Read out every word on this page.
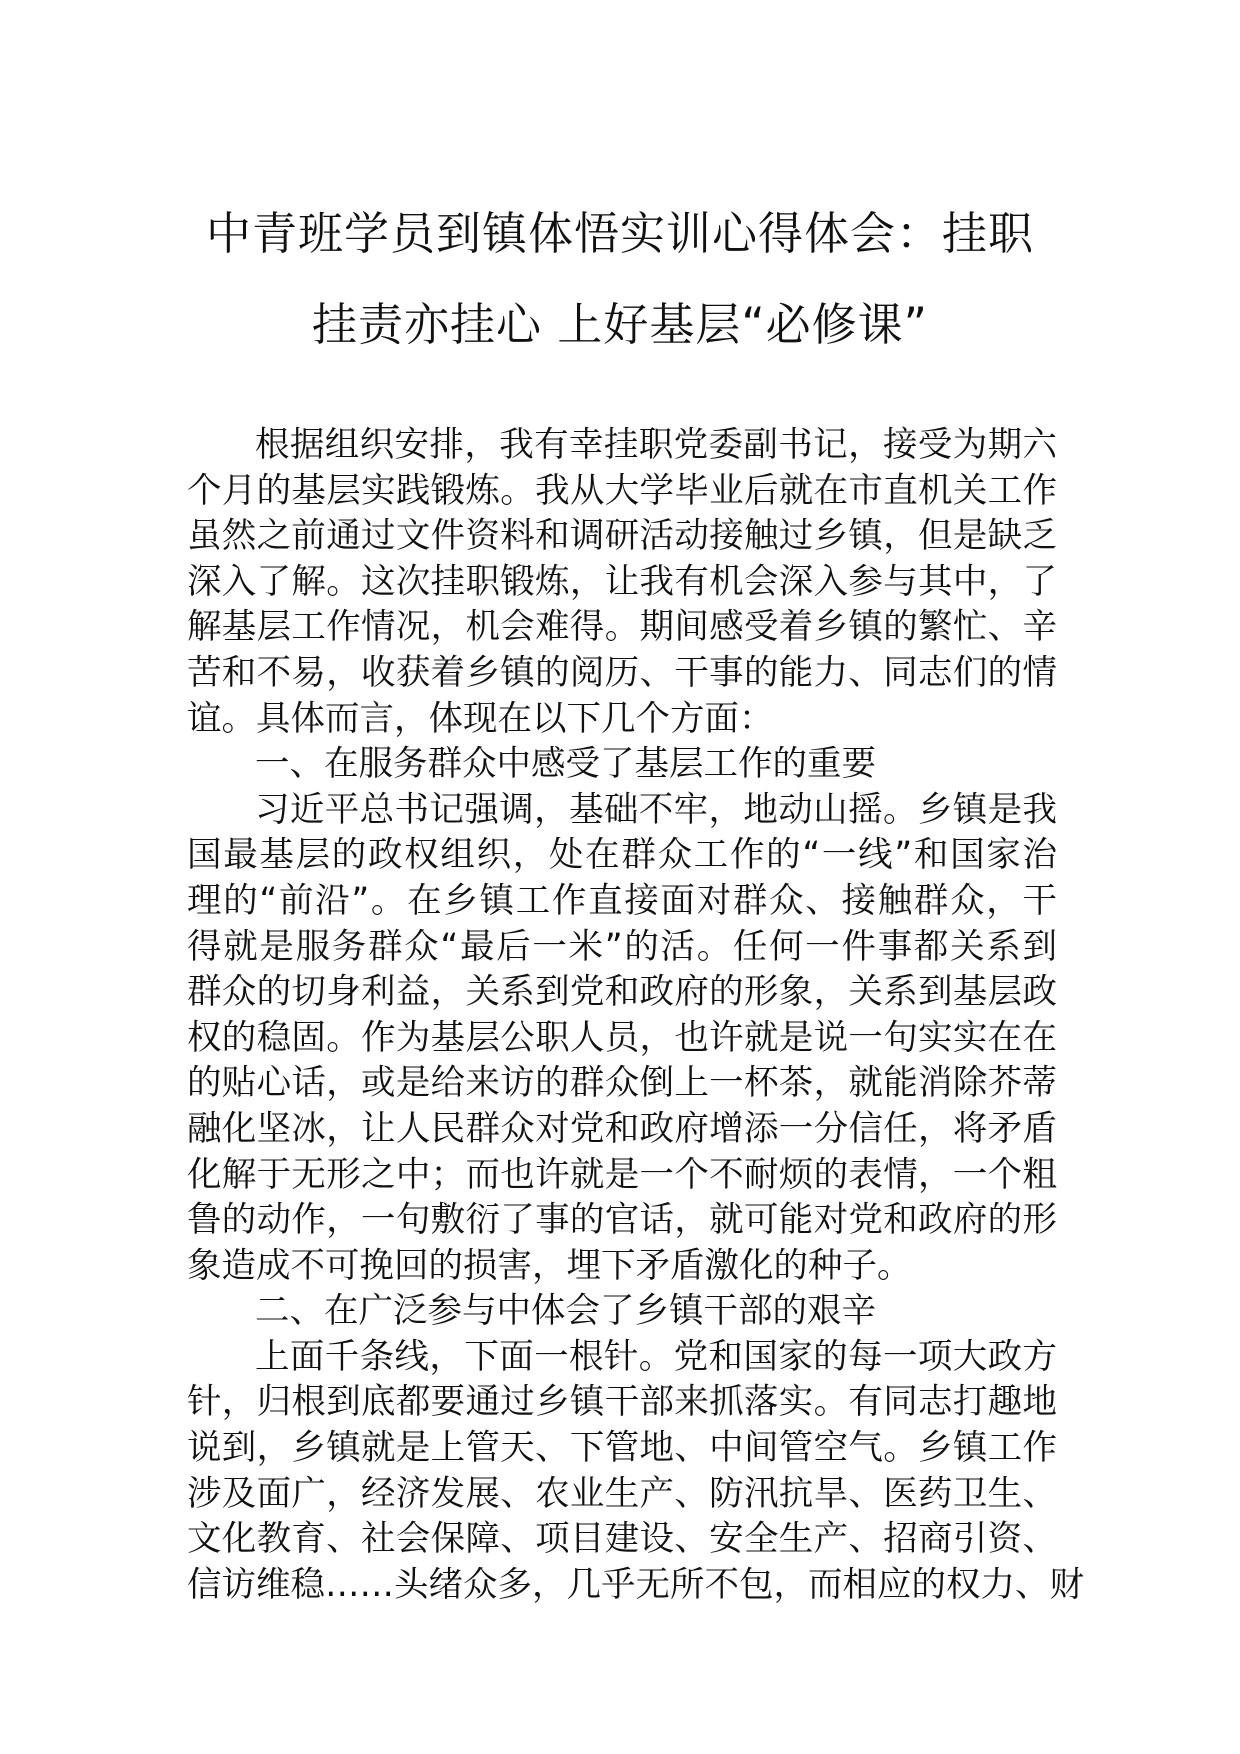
中青班学员到镇体悟实训心得体会：挂职
挂责亦挂心 上好基层“必修课”
根据组织安排，我有幸挂职党委副书记，接受为期六
个月的基层实践锻炼。我从大学毕业后就在市直机关工作
虽然之前通过文件资料和调研活动接触过乡镇，但是缺乏
深入了解。这次挂职锻炼，让我有机会深入参与其中，了
解基层工作情况，机会难得。期间感受着乡镇的繁忙、辛
苦和不易，收获着乡镇的阅历、干事的能力、同志们的情
谊。具体而言，体现在以下几个方面：
一、在服务群众中感受了基层工作的重要
习近平总书记强调，基础不牢，地动山摇。乡镇是我
国最基层的政权组织，处在群众工作的“一线”和国家治
理的“前沿”。在乡镇工作直接面对群众、接触群众，干
得就是服务群众“最后一米”的活。任何一件事都关系到
群众的切身利益，关系到党和政府的形象，关系到基层政
权的稳固。作为基层公职人员，也许就是说一句实实在在
的贴心话，或是给来访的群众倒上一杯茶，就能消除芥蒂
融化坚冰，让人民群众对党和政府增添一分信任，将矛盾
化解于无形之中；而也许就是一个不耐烦的表情，一个粗
鲁的动作，一句敷衍了事的官话，就可能对党和政府的形
象造成不可挽回的损害，埋下矛盾激化的种子。
二、在广泛参与中体会了乡镇干部的艰辛
上面千条线，下面一根针。党和国家的每一项大政方
针，归根到底都要通过乡镇干部来抓落实。有同志打趣地
说到，乡镇就是上管天、下管地、中间管空气。乡镇工作
涉及面广，经济发展、农业生产、防汛抗旱、医药卫生、
文化教育、社会保障、项目建设、安全生产、招商引资、
信访维稳……头绪众多，几乎无所不包，而相应的权力、财
